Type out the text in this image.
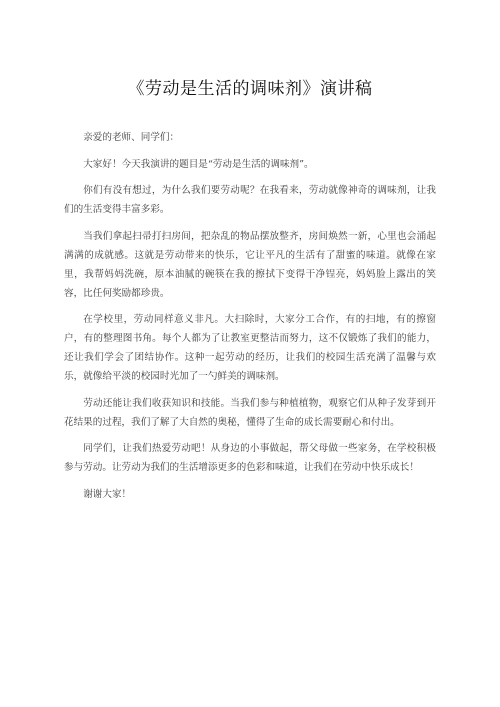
《劳动是生活的调味剂》演讲稿

亲爱的老师、同学们：

大家好！今天我演讲的题目是“劳动是生活的调味剂”。

你们有没有想过，为什么我们要劳动呢？在我看来，劳动就像神奇的调味剂，让我们的生活变得丰富多彩。

当我们拿起扫帚打扫房间，把杂乱的物品摆放整齐，房间焕然一新，心里也会涌起满满的成就感。这就是劳动带来的快乐，它让平凡的生活有了甜蜜的味道。就像在家里，我帮妈妈洗碗，原本油腻的碗筷在我的擦拭下变得干净锃亮，妈妈脸上露出的笑容，比任何奖励都珍贵。

在学校里，劳动同样意义非凡。大扫除时，大家分工合作，有的扫地，有的擦窗户，有的整理图书角。每个人都为了让教室更整洁而努力，这不仅锻炼了我们的能力，还让我们学会了团结协作。这种一起劳动的经历，让我们的校园生活充满了温馨与欢乐，就像给平淡的校园时光加了一勺鲜美的调味剂。

劳动还能让我们收获知识和技能。当我们参与种植植物，观察它们从种子发芽到开花结果的过程，我们了解了大自然的奥秘，懂得了生命的成长需要耐心和付出。

同学们，让我们热爱劳动吧！从身边的小事做起，帮父母做一些家务，在学校积极参与劳动。让劳动为我们的生活增添更多的色彩和味道，让我们在劳动中快乐成长！

谢谢大家！
